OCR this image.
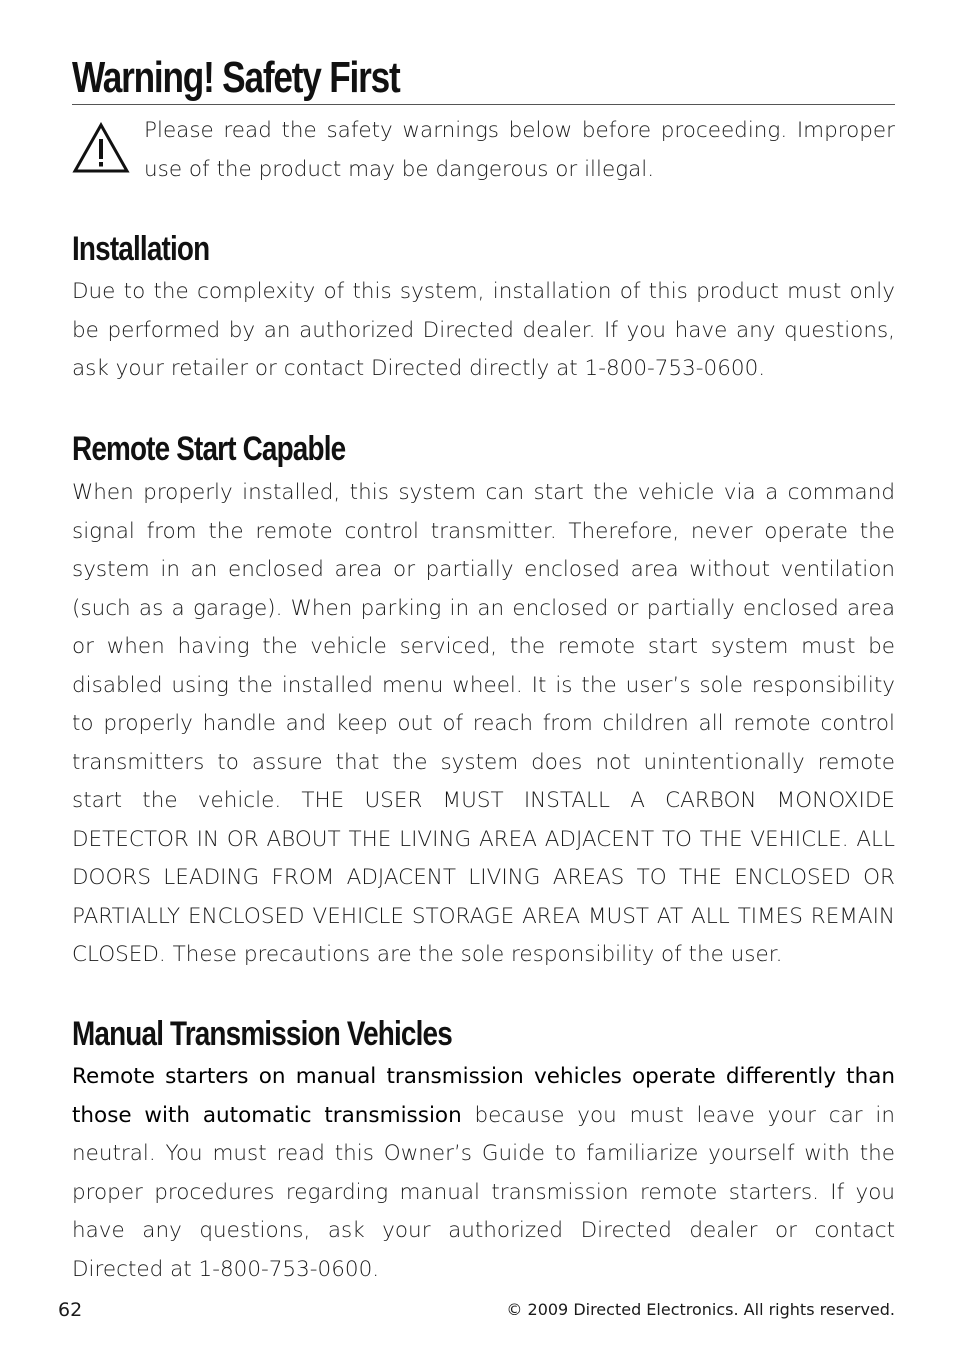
Warning! Safety First

Please read the safety warnings below before proceeding. Improper use of the product may be dangerous or illegal.

Installation

Due to the complexity of this system, installation of this product must only be performed by an authorized Directed dealer. If you have any questions, ask your retailer or contact Directed directly at 1-800-753-0600.

Remote Start Capable

When properly installed, this system can start the vehicle via a command signal from the remote control transmitter. Therefore, never operate the system in an enclosed area or partially enclosed area without ventilation (such as a garage). When parking in an enclosed or partially enclosed area or when having the vehicle serviced, the remote start system must be disabled using the installed menu wheel. It is the user’s sole responsibility to properly handle and keep out of reach from children all remote control transmitters to assure that the system does not unintentionally remote start the vehicle. THE USER MUST INSTALL A CARBON MONOXIDE DETECTOR IN OR ABOUT THE LIVING AREA ADJACENT TO THE VEHICLE. ALL DOORS LEADING FROM ADJACENT LIVING AREAS TO THE ENCLOSED OR PARTIALLY ENCLOSED VEHICLE STORAGE AREA MUST AT ALL TIMES REMAIN CLOSED. These precautions are the sole responsibility of the user.

Manual Transmission Vehicles

Remote starters on manual transmission vehicles operate differently than those with automatic transmission because you must leave your car in neutral. You must read this Owner’s Guide to familiarize yourself with the proper procedures regarding manual transmission remote starters. If you have any questions, ask your authorized Directed dealer or contact Directed at 1-800-753-0600.

62	© 2009 Directed Electronics. All rights reserved.
